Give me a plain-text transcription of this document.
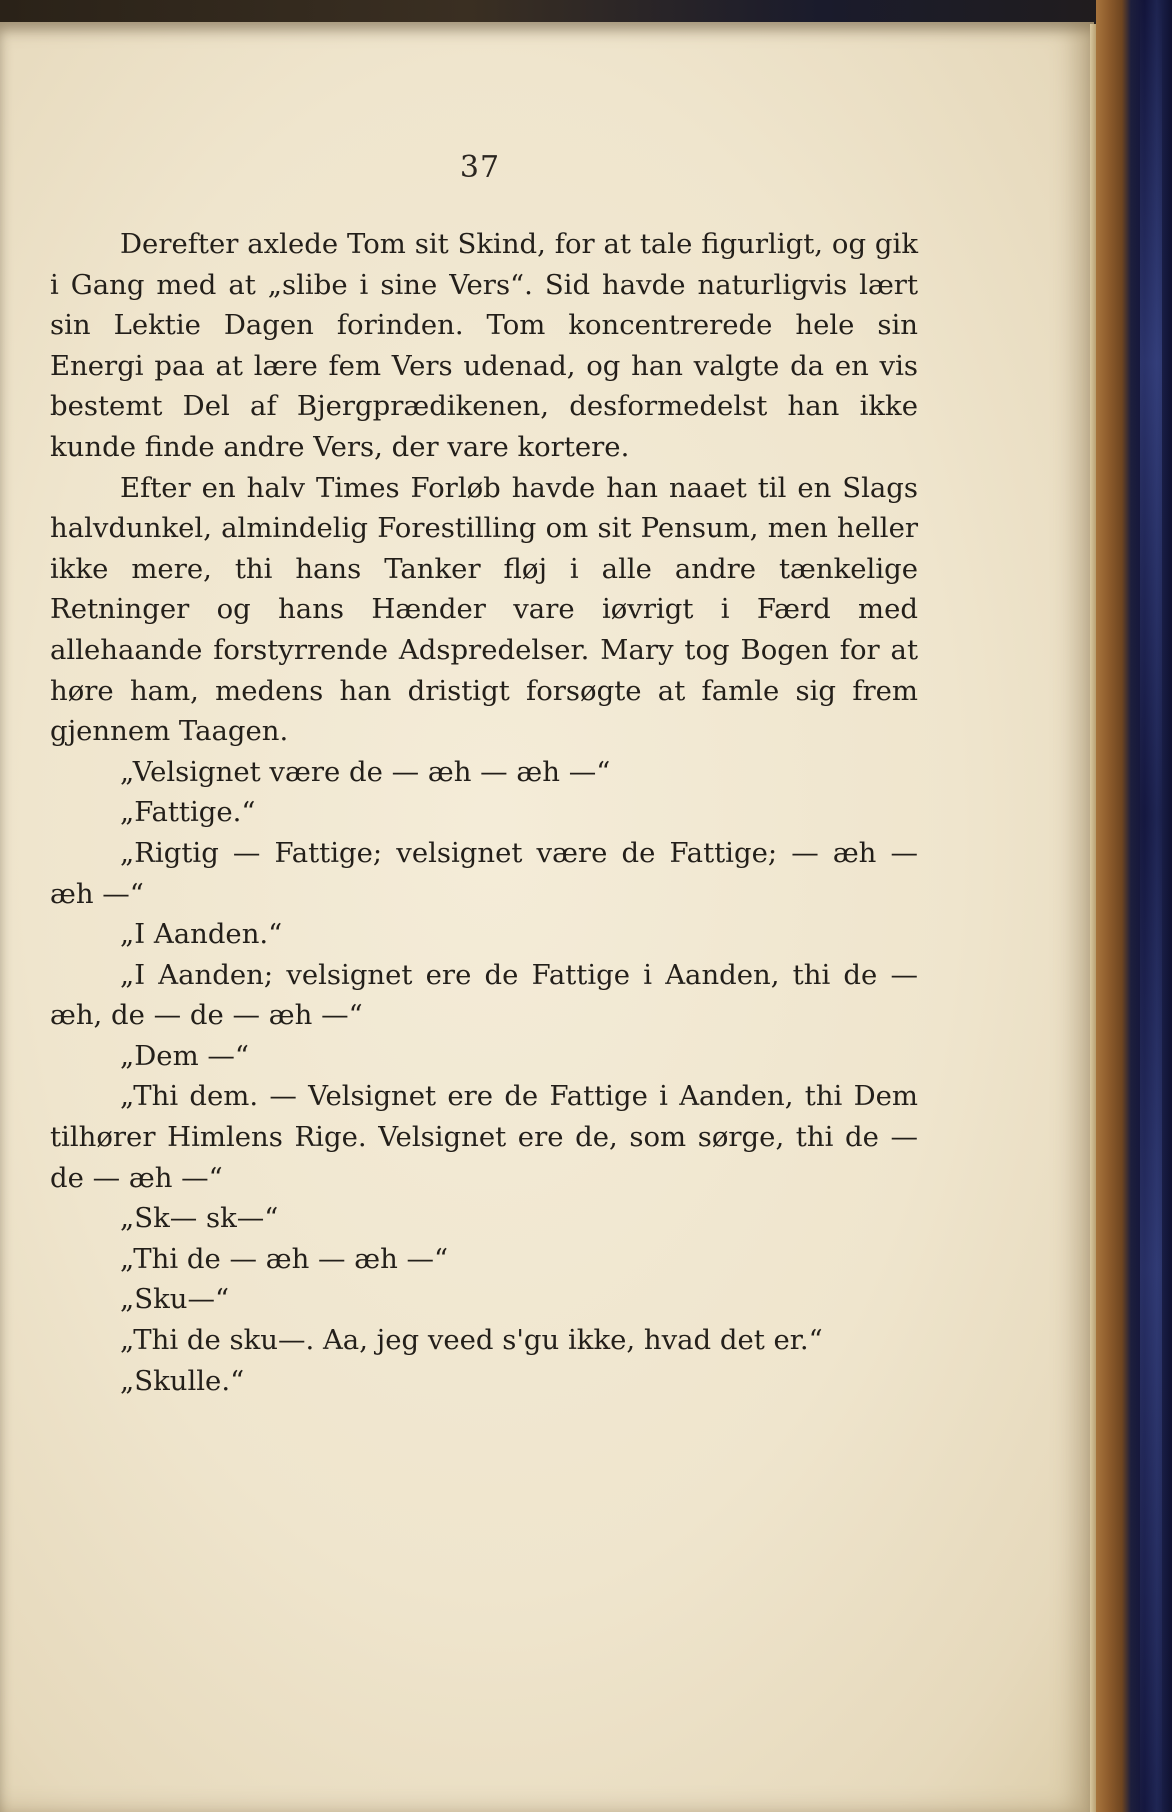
37

Derefter axlede Tom sit Skind, for at tale figurligt, og gik i Gang med at „slibe i sine Vers“. Sid havde naturligvis lært sin Lektie Dagen forinden. Tom koncentrerede hele sin Energi paa at lære fem Vers udenad, og han valgte da en vis bestemt Del af Bjergprædikenen, desformedelst han ikke kunde finde andre Vers, der vare kortere.

Efter en halv Times Forløb havde han naaet til en Slags halvdunkel, almindelig Forestilling om sit Pensum, men heller ikke mere, thi hans Tanker fløj i alle andre tænkelige Retninger og hans Hænder vare iøvrigt i Færd med allehaande forstyrrende Adspredelser. Mary tog Bogen for at høre ham, medens han dristigt forsøgte at famle sig frem gjennem Taagen.

„Velsignet være de — æh — æh —“

„Fattige.“

„Rigtig — Fattige; velsignet være de Fattige; — æh — æh —“

„I Aanden.“

„I Aanden; velsignet ere de Fattige i Aanden, thi de — æh, de — de — æh —“

„Dem —“

„Thi dem. — Velsignet ere de Fattige i Aanden, thi Dem tilhører Himlens Rige. Velsignet ere de, som sørge, thi de — de — æh —“

„Sk— sk—“

„Thi de — æh — æh —“

„Sku—“

„Thi de sku—. Aa, jeg veed s'gu ikke, hvad det er.“

„Skulle.“
